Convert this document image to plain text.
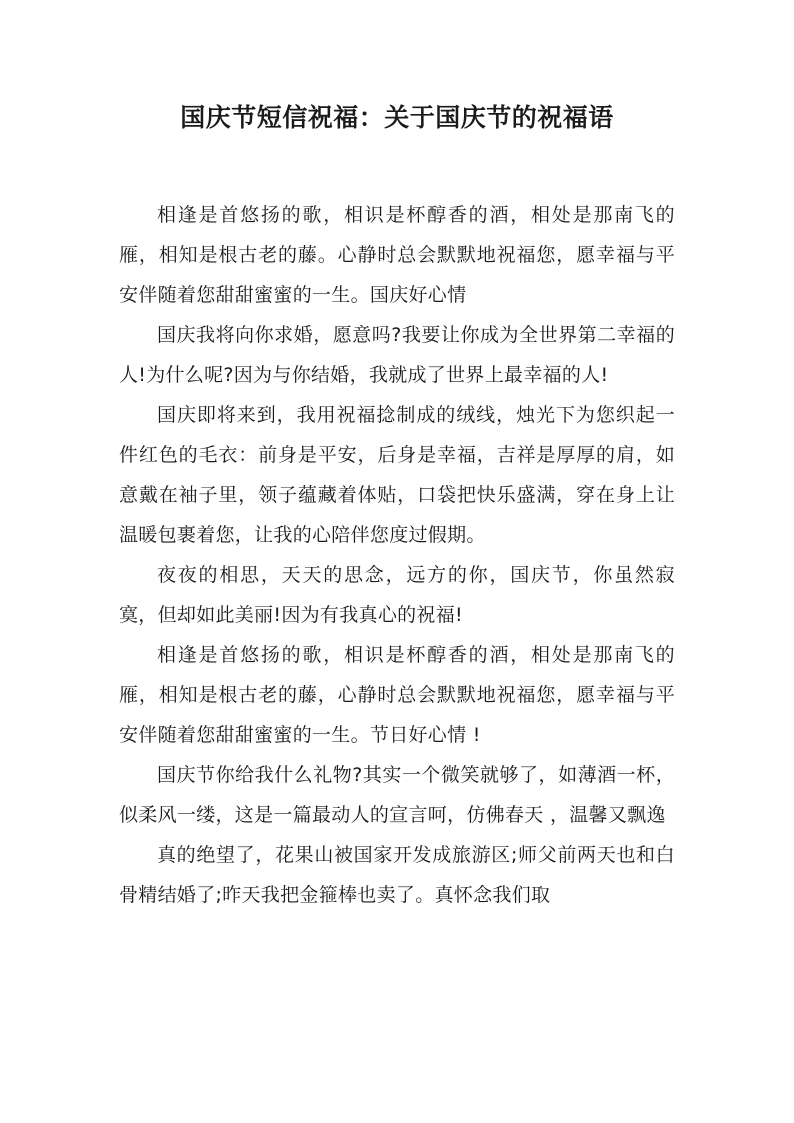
国庆节短信祝福：关于国庆节的祝福语

相逢是首悠扬的歌，相识是杯醇香的酒，相处是那南飞的雁，相知是根古老的藤。心静时总会默默地祝福您，愿幸福与平安伴随着您甜甜蜜蜜的一生。国庆好心情

国庆我将向你求婚，愿意吗?我要让你成为全世界第二幸福的人!为什么呢?因为与你结婚，我就成了世界上最幸福的人!

国庆即将来到，我用祝福捻制成的绒线，烛光下为您织起一件红色的毛衣：前身是平安，后身是幸福，吉祥是厚厚的肩，如意戴在袖子里，领子蕴藏着体贴，口袋把快乐盛满，穿在身上让温暖包裹着您，让我的心陪伴您度过假期。

夜夜的相思，天天的思念，远方的你，国庆节，你虽然寂寞，但却如此美丽!因为有我真心的祝福!

相逢是首悠扬的歌，相识是杯醇香的酒，相处是那南飞的雁，相知是根古老的藤，心静时总会默默地祝福您，愿幸福与平安伴随着您甜甜蜜蜜的一生。节日好心情 !

国庆节你给我什么礼物?其实一个微笑就够了，如薄酒一杯，似柔风一缕，这是一篇最动人的宣言呵，仿佛春天 ，温馨又飘逸

真的绝望了，花果山被国家开发成旅游区;师父前两天也和白骨精结婚了;昨天我把金箍棒也卖了。真怀念我们取
